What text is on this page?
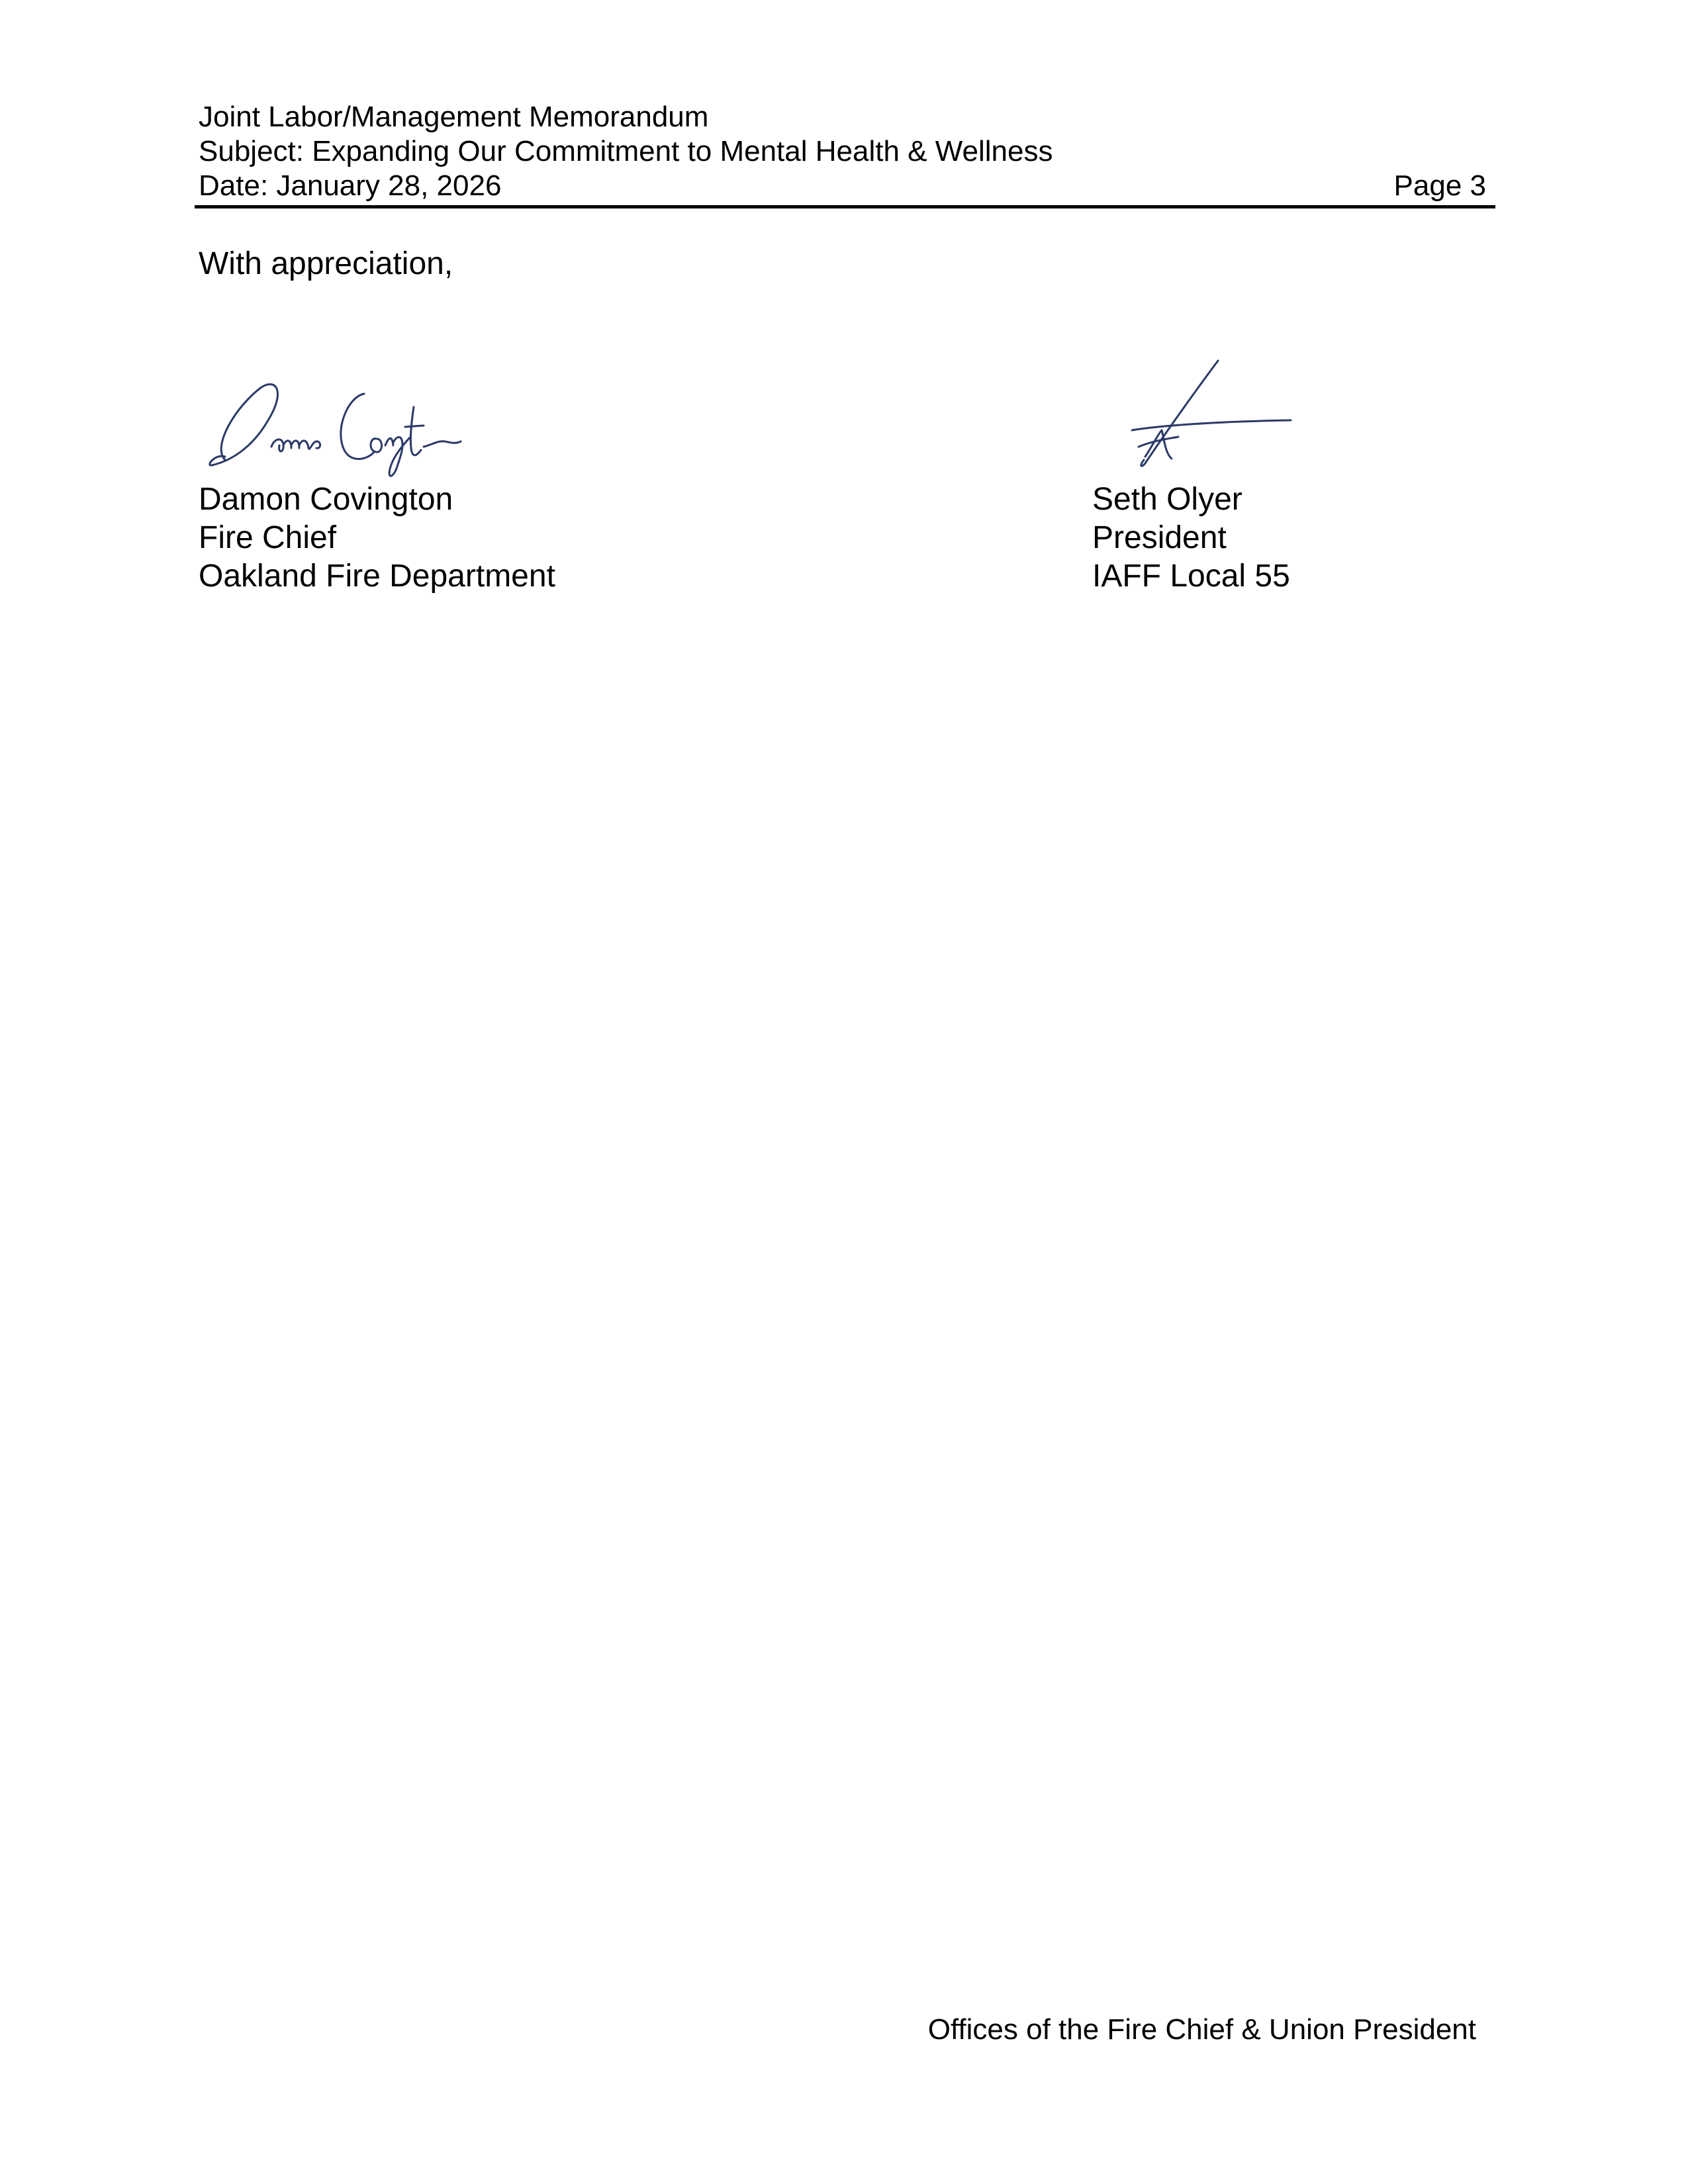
Joint Labor/Management Memorandum
Subject: Expanding Our Commitment to Mental Health & Wellness
Date: January 28, 2026	Page 3
With appreciation,
Damon Covington
Fire Chief
Oakland Fire Department
Seth Olyer
President
IAFF Local 55
Offices of the Fire Chief & Union President
